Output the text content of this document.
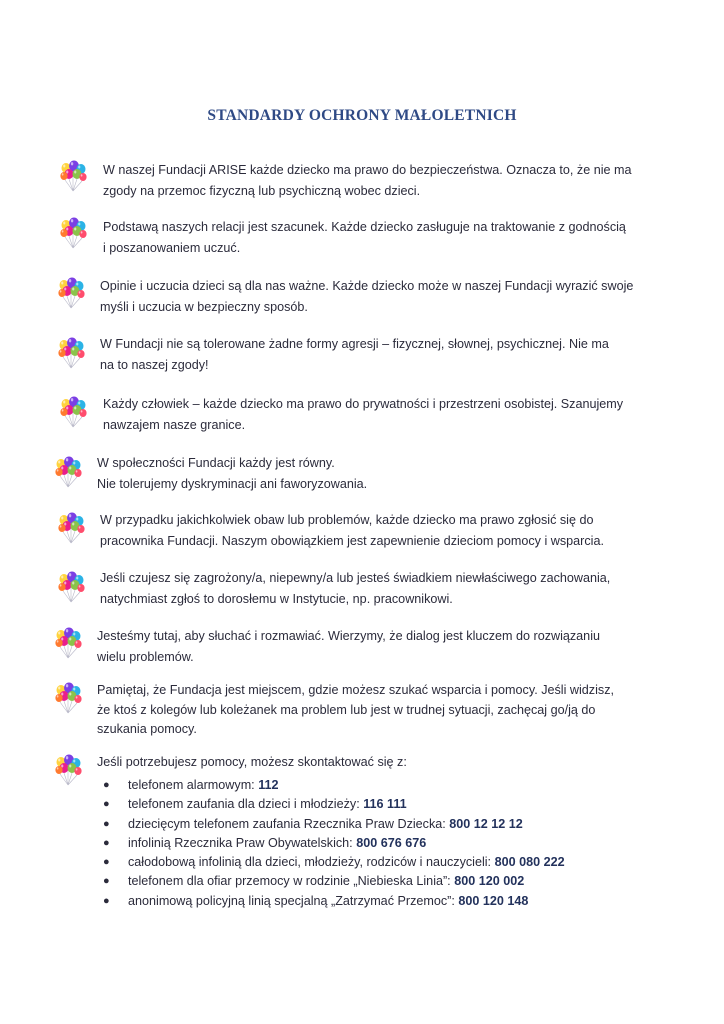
STANDARDY OCHRONY MAŁOLETNICH
W naszej Fundacji ARISE każde dziecko ma prawo do bezpieczeństwa. Oznacza to, że nie ma
zgody na przemoc fizyczną lub psychiczną wobec dzieci.
Podstawą naszych relacji jest szacunek. Każde dziecko zasługuje na traktowanie z godnością
i poszanowaniem uczuć.
Opinie i uczucia dzieci są dla nas ważne. Każde dziecko może w naszej Fundacji wyrazić swoje
myśli i uczucia w bezpieczny sposób.
W Fundacji nie są tolerowane żadne formy agresji – fizycznej, słownej, psychicznej. Nie ma
na to naszej zgody!
Każdy człowiek – każde dziecko ma prawo do prywatności i przestrzeni osobistej. Szanujemy
nawzajem nasze granice.
W społeczności Fundacji każdy jest równy.
Nie tolerujemy dyskryminacji ani faworyzowania.
W przypadku jakichkolwiek obaw lub problemów, każde dziecko ma prawo zgłosić się do
pracownika Fundacji. Naszym obowiązkiem jest zapewnienie dzieciom pomocy i wsparcia.
Jeśli czujesz się zagrożony/a, niepewny/a lub jesteś świadkiem niewłaściwego zachowania,
natychmiast zgłoś to dorosłemu w Instytucie, np. pracownikowi.
Jesteśmy tutaj, aby słuchać i rozmawiać. Wierzymy, że dialog jest kluczem do rozwiązaniu
wielu problemów.
Pamiętaj, że Fundacja jest miejscem, gdzie możesz szukać wsparcia i pomocy. Jeśli widzisz,
że ktoś z kolegów lub koleżanek ma problem lub jest w trudnej sytuacji, zachęcaj go/ją do
szukania pomocy.
Jeśli potrzebujesz pomocy, możesz skontaktować się z:
● telefonem alarmowym: 112
● telefonem zaufania dla dzieci i młodzieży: 116 111
● dziecięcym telefonem zaufania Rzecznika Praw Dziecka: 800 12 12 12
● infolinią Rzecznika Praw Obywatelskich: 800 676 676
● całodobową infolinią dla dzieci, młodzieży, rodziców i nauczycieli: 800 080 222
● telefonem dla ofiar przemocy w rodzinie „Niebieska Linia”: 800 120 002
● anonimową policyjną linią specjalną „Zatrzymać Przemoc”: 800 120 148
